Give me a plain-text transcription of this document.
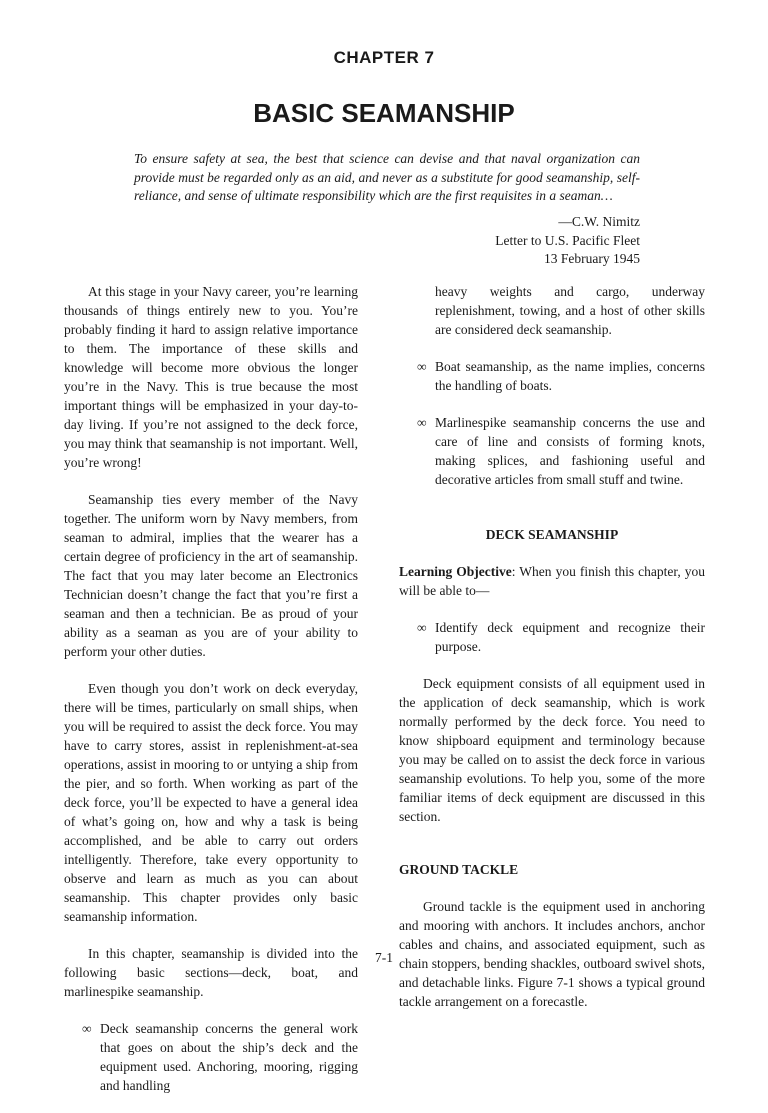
CHAPTER 7
BASIC SEAMANSHIP
To ensure safety at sea, the best that science can devise and that naval organization can provide must be regarded only as an aid, and never as a substitute for good seamanship, self-reliance, and sense of ultimate responsibility which are the first requisites in a seaman…
—C.W. Nimitz
Letter to U.S. Pacific Fleet
13 February 1945

At this stage in your Navy career, you’re learning thousands of things entirely new to you. You’re probably finding it hard to assign relative importance to them. The importance of these skills and knowledge will become more obvious the longer you’re in the Navy. This is true because the most important things will be emphasized in your day-to-day living. If you’re not assigned to the deck force, you may think that seamanship is not important. Well, you’re wrong!

Seamanship ties every member of the Navy together. The uniform worn by Navy members, from seaman to admiral, implies that the wearer has a certain degree of proficiency in the art of seamanship. The fact that you may later become an Electronics Technician doesn’t change the fact that you’re first a seaman and then a technician. Be as proud of your ability as a seaman as you are of your ability to perform your other duties.

Even though you don’t work on deck everyday, there will be times, particularly on small ships, when you will be required to assist the deck force. You may have to carry stores, assist in replenishment-at-sea operations, assist in mooring to or untying a ship from the pier, and so forth. When working as part of the deck force, you’ll be expected to have a general idea of what’s going on, how and why a task is being accomplished, and be able to carry out orders intelligently. Therefore, take every opportunity to observe and learn as much as you can about seamanship. This chapter provides only basic seamanship information.

In this chapter, seamanship is divided into the following basic sections—deck, boat, and marlinespike seamanship.

∞ Deck seamanship concerns the general work that goes on about the ship’s deck and the equipment used. Anchoring, mooring, rigging and handling
heavy weights and cargo, underway replenishment, towing, and a host of other skills are considered deck seamanship.
∞ Boat seamanship, as the name implies, concerns the handling of boats.
∞ Marlinespike seamanship concerns the use and care of line and consists of forming knots, making splices, and fashioning useful and decorative articles from small stuff and twine.
DECK SEAMANSHIP

Learning Objective: When you finish this chapter, you will be able to—

∞ Identify deck equipment and recognize their purpose.

Deck equipment consists of all equipment used in the application of deck seamanship, which is work normally performed by the deck force. You need to know shipboard equipment and terminology because you may be called on to assist the deck force in various seamanship evolutions. To help you, some of the more familiar items of deck equipment are discussed in this section.

GROUND TACKLE

Ground tackle is the equipment used in anchoring and mooring with anchors. It includes anchors, anchor cables and chains, and associated equipment, such as chain stoppers, bending shackles, outboard swivel shots, and detachable links. Figure 7-1 shows a typical ground tackle arrangement on a forecastle.

7-1
